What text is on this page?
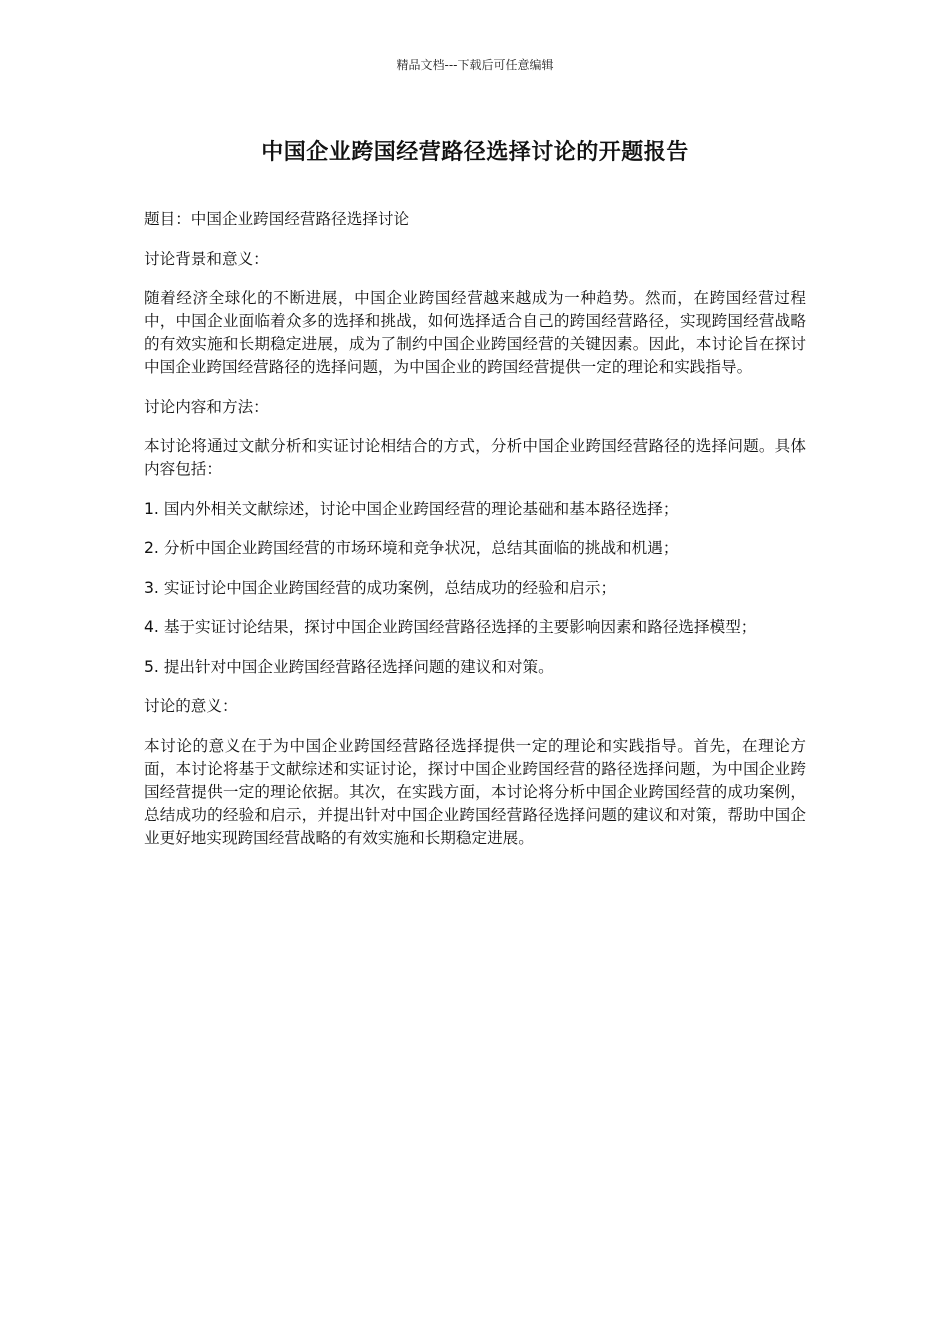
精品文档---下载后可任意编辑
中国企业跨国经营路径选择讨论的开题报告

题目：中国企业跨国经营路径选择讨论

讨论背景和意义：

随着经济全球化的不断进展，中国企业跨国经营越来越成为一种趋势。然而，在跨国经营过程中，中国企业面临着众多的选择和挑战，如何选择适合自己的跨国经营路径，实现跨国经营战略的有效实施和长期稳定进展，成为了制约中国企业跨国经营的关键因素。因此，本讨论旨在探讨中国企业跨国经营路径的选择问题，为中国企业的跨国经营提供一定的理论和实践指导。

讨论内容和方法：

本讨论将通过文献分析和实证讨论相结合的方式，分析中国企业跨国经营路径的选择问题。具体内容包括：

1. 国内外相关文献综述，讨论中国企业跨国经营的理论基础和基本路径选择；

2. 分析中国企业跨国经营的市场环境和竞争状况，总结其面临的挑战和机遇；

3. 实证讨论中国企业跨国经营的成功案例，总结成功的经验和启示；

4. 基于实证讨论结果，探讨中国企业跨国经营路径选择的主要影响因素和路径选择模型；

5. 提出针对中国企业跨国经营路径选择问题的建议和对策。

讨论的意义：

本讨论的意义在于为中国企业跨国经营路径选择提供一定的理论和实践指导。首先，在理论方面，本讨论将基于文献综述和实证讨论，探讨中国企业跨国经营的路径选择问题，为中国企业跨国经营提供一定的理论依据。其次，在实践方面，本讨论将分析中国企业跨国经营的成功案例，总结成功的经验和启示，并提出针对中国企业跨国经营路径选择问题的建议和对策，帮助中国企业更好地实现跨国经营战略的有效实施和长期稳定进展。
